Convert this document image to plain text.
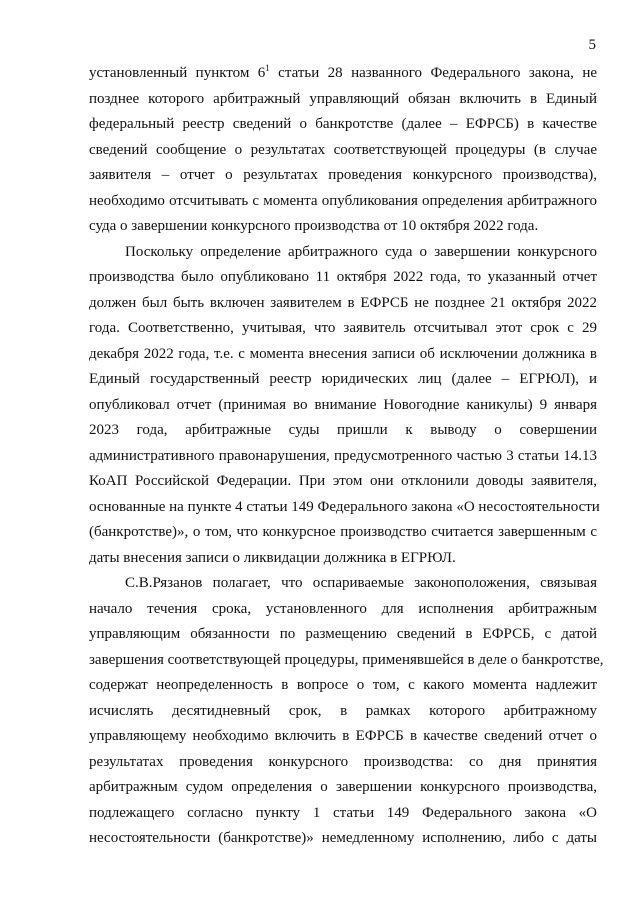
5

установленный пунктом $6^1$ статьи 28 названного Федерального закона, не
позднее которого арбитражный управляющий обязан включить в Единый
федеральный реестр сведений о банкротстве (далее – ЕФРСБ) в качестве
сведений сообщение о результатах соответствующей процедуры (в случае
заявителя – отчет о результатах проведения конкурсного производства),
необходимо отсчитывать с момента опубликования определения арбитражного
суда о завершении конкурсного производства от 10 октября 2022 года.

Поскольку определение арбитражного суда о завершении конкурсного
производства было опубликовано 11 октября 2022 года, то указанный отчет
должен был быть включен заявителем в ЕФРСБ не позднее 21 октября 2022
года. Соответственно, учитывая, что заявитель отсчитывал этот срок с 29
декабря 2022 года, т.е. с момента внесения записи об исключении должника в
Единый государственный реестр юридических лиц (далее – ЕГРЮЛ), и
опубликовал отчет (принимая во внимание Новогодние каникулы) 9 января
2023 года, арбитражные суды пришли к выводу о совершении
административного правонарушения, предусмотренного частью 3 статьи 14.13
КоАП Российской Федерации. При этом они отклонили доводы заявителя,
основанные на пункте 4 статьи 149 Федерального закона «О несостоятельности
(банкротстве)», о том, что конкурсное производство считается завершенным с
даты внесения записи о ликвидации должника в ЕГРЮЛ.

С.В.Рязанов полагает, что оспариваемые законоположения, связывая
начало течения срока, установленного для исполнения арбитражным
управляющим обязанности по размещению сведений в ЕФРСБ, с датой
завершения соответствующей процедуры, применявшейся в деле о банкротстве,
содержат неопределенность в вопросе о том, с какого момента надлежит
исчислять десятидневный срок, в рамках которого арбитражному
управляющему необходимо включить в ЕФРСБ в качестве сведений отчет о
результатах проведения конкурсного производства: со дня принятия
арбитражным судом определения о завершении конкурсного производства,
подлежащего согласно пункту 1 статьи 149 Федерального закона «О
несостоятельности (банкротстве)» немедленному исполнению, либо с даты
